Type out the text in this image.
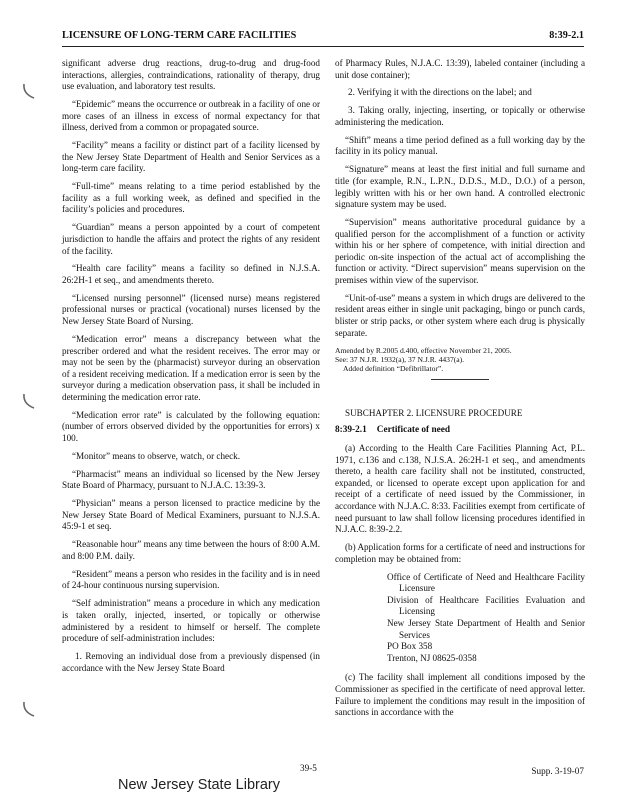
LICENSURE OF LONG-TERM CARE FACILITIES	8:39-2.1

significant adverse drug reactions, drug-to-drug and drug-food interactions, allergies, contraindications, rationality of therapy, drug use evaluation, and laboratory test results.

“Epidemic” means the occurrence or outbreak in a facility of one or more cases of an illness in excess of normal expectancy for that illness, derived from a common or propagated source.

“Facility” means a facility or distinct part of a facility licensed by the New Jersey State Department of Health and Senior Services as a long-term care facility.

“Full-time” means relating to a time period established by the facility as a full working week, as defined and specified in the facility’s policies and procedures.

“Guardian” means a person appointed by a court of competent jurisdiction to handle the affairs and protect the rights of any resident of the facility.

“Health care facility” means a facility so defined in N.J.S.A. 26:2H-1 et seq., and amendments thereto.

“Licensed nursing personnel” (licensed nurse) means registered professional nurses or practical (vocational) nurses licensed by the New Jersey State Board of Nursing.

“Medication error” means a discrepancy between what the prescriber ordered and what the resident receives. The error may or may not be seen by the (pharmacist) surveyor during an observation of a resident receiving medication. If a medication error is seen by the surveyor during a medication observation pass, it shall be included in determining the medication error rate.

“Medication error rate” is calculated by the following equation: (number of errors observed divided by the opportunities for errors) x 100.

“Monitor” means to observe, watch, or check.

“Pharmacist” means an individual so licensed by the New Jersey State Board of Pharmacy, pursuant to N.J.A.C. 13:39-3.

“Physician” means a person licensed to practice medicine by the New Jersey State Board of Medical Examiners, pursuant to N.J.S.A. 45:9-1 et seq.

“Reasonable hour” means any time between the hours of 8:00 A.M. and 8:00 P.M. daily.

“Resident” means a person who resides in the facility and is in need of 24-hour continuous nursing supervision.

“Self administration” means a procedure in which any medication is taken orally, injected, inserted, or topically or otherwise administered by a resident to himself or herself. The complete procedure of self-administration includes:

1. Removing an individual dose from a previously dispensed (in accordance with the New Jersey State Board

of Pharmacy Rules, N.J.A.C. 13:39), labeled container (including a unit dose container);

2. Verifying it with the directions on the label; and

3. Taking orally, injecting, inserting, or topically or otherwise administering the medication.

“Shift” means a time period defined as a full working day by the facility in its policy manual.

“Signature” means at least the first initial and full surname and title (for example, R.N., L.P.N., D.D.S., M.D., D.O.) of a person, legibly written with his or her own hand. A controlled electronic signature system may be used.

“Supervision” means authoritative procedural guidance by a qualified person for the accomplishment of a function or activity within his or her sphere of competence, with initial direction and periodic on-site inspection of the actual act of accomplishing the function or activity. “Direct supervision” means supervision on the premises within view of the supervisor.

“Unit-of-use” means a system in which drugs are delivered to the resident areas either in single unit packaging, bingo or punch cards, blister or strip packs, or other system where each drug is physically separate.

Amended by R.2005 d.400, effective November 21, 2005.
See: 37 N.J.R. 1932(a), 37 N.J.R. 4437(a).
Added definition “Defibrillator”.

SUBCHAPTER 2. LICENSURE PROCEDURE

8:39-2.1 Certificate of need

(a) According to the Health Care Facilities Planning Act, P.L. 1971, c.136 and c.138, N.J.S.A. 26:2H-1 et seq., and amendments thereto, a health care facility shall not be instituted, constructed, expanded, or licensed to operate except upon application for and receipt of a certificate of need issued by the Commissioner, in accordance with N.J.A.C. 8:33. Facilities exempt from certificate of need pursuant to law shall follow licensing procedures identified in N.J.A.C. 8:39-2.2.

(b) Application forms for a certificate of need and instructions for completion may be obtained from:

Office of Certificate of Need and Healthcare Facility Licensure
Division of Healthcare Facilities Evaluation and Licensing
New Jersey State Department of Health and Senior Services
PO Box 358
Trenton, NJ 08625-0358

(c) The facility shall implement all conditions imposed by the Commissioner as specified in the certificate of need approval letter. Failure to implement the conditions may result in the imposition of sanctions in accordance with the

39-5	Supp. 3-19-07
New Jersey State Library
